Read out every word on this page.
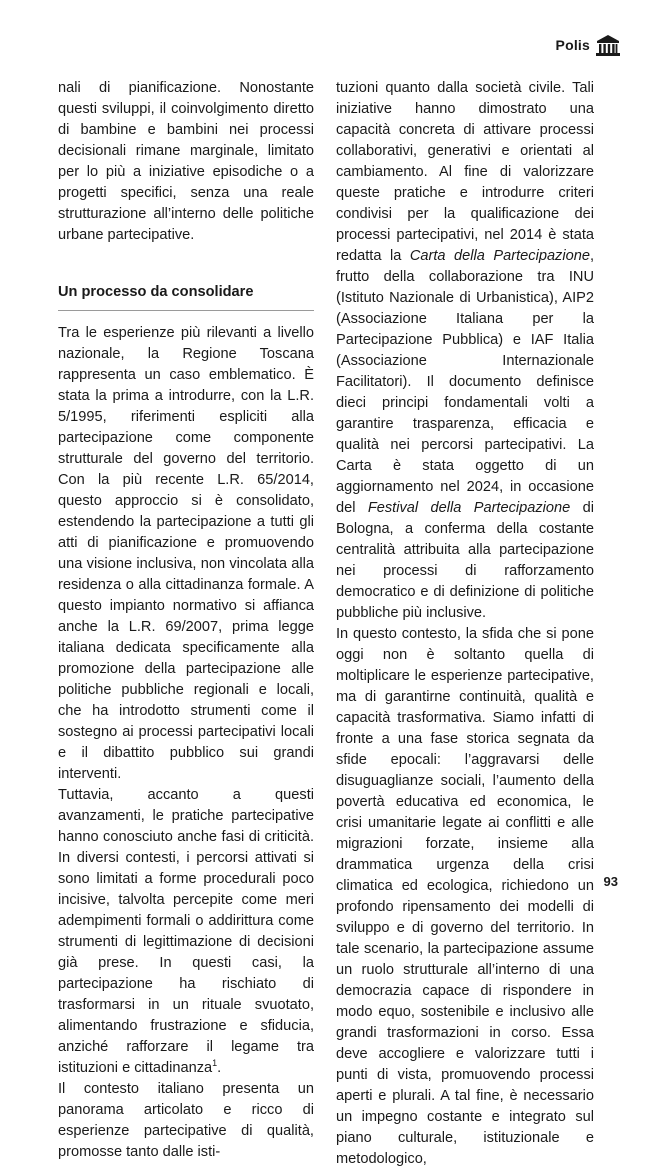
Polis

nali di pianificazione. Nonostante questi sviluppi, il coinvolgimento diretto di bambine e bambini nei processi decisionali rimane marginale, limitato per lo più a iniziative episodiche o a progetti specifici, senza una reale strutturazione all’interno delle politiche urbane partecipative.

Un processo da consolidare

Tra le esperienze più rilevanti a livello nazionale, la Regione Toscana rappresenta un caso emblematico. È stata la prima a introdurre, con la L.R. 5/1995, riferimenti espliciti alla partecipazione come componente strutturale del governo del territorio. Con la più recente L.R. 65/2014, questo approccio si è consolidato, estendendo la partecipazione a tutti gli atti di pianificazione e promuovendo una visione inclusiva, non vincolata alla residenza o alla cittadinanza formale. A questo impianto normativo si affianca anche la L.R. 69/2007, prima legge italiana dedicata specificamente alla promozione della partecipazione alle politiche pubbliche regionali e locali, che ha introdotto strumenti come il sostegno ai processi partecipativi locali e il dibattito pubblico sui grandi interventi.

Tuttavia, accanto a questi avanzamenti, le pratiche partecipative hanno conosciuto anche fasi di criticità. In diversi contesti, i percorsi attivati si sono limitati a forme procedurali poco incisive, talvolta percepite come meri adempimenti formali o addirittura come strumenti di legittimazione di decisioni già prese. In questi casi, la partecipazione ha rischiato di trasformarsi in un rituale svuotato, alimentando frustrazione e sfiducia, anziché rafforzare il legame tra istituzioni e cittadinanza$^1$.

Il contesto italiano presenta un panorama articolato e ricco di esperienze partecipative di qualità, promosse tanto dalle isti-

tuzioni quanto dalla società civile. Tali iniziative hanno dimostrato una capacità concreta di attivare processi collaborativi, generativi e orientati al cambiamento. Al fine di valorizzare queste pratiche e introdurre criteri condivisi per la qualificazione dei processi partecipativi, nel 2014 è stata redatta la Carta della Partecipazione, frutto della collaborazione tra INU (Istituto Nazionale di Urbanistica), AIP2 (Associazione Italiana per la Partecipazione Pubblica) e IAF Italia (Associazione Internazionale Facilitatori). Il documento definisce dieci principi fondamentali volti a garantire trasparenza, efficacia e qualità nei percorsi partecipativi. La Carta è stata oggetto di un aggiornamento nel 2024, in occasione del Festival della Partecipazione di Bologna, a conferma della costante centralità attribuita alla partecipazione nei processi di rafforzamento democratico e di definizione di politiche pubbliche più inclusive.

In questo contesto, la sfida che si pone oggi non è soltanto quella di moltiplicare le esperienze partecipative, ma di garantirne continuità, qualità e capacità trasformativa. Siamo infatti di fronte a una fase storica segnata da sfide epocali: l’aggravarsi delle disuguaglianze sociali, l’aumento della povertà educativa ed economica, le crisi umanitarie legate ai conflitti e alle migrazioni forzate, insieme alla drammatica urgenza della crisi climatica ed ecologica, richiedono un profondo ripensamento dei modelli di sviluppo e di governo del territorio. In tale scenario, la partecipazione assume un ruolo strutturale all’interno di una democrazia capace di rispondere in modo equo, sostenibile e inclusivo alle grandi trasformazioni in corso. Essa deve accogliere e valorizzare tutti i punti di vista, promuovendo processi aperti e plurali. A tal fine, è necessario un impegno costante e integrato sul piano culturale, istituzionale e metodologico,

93
